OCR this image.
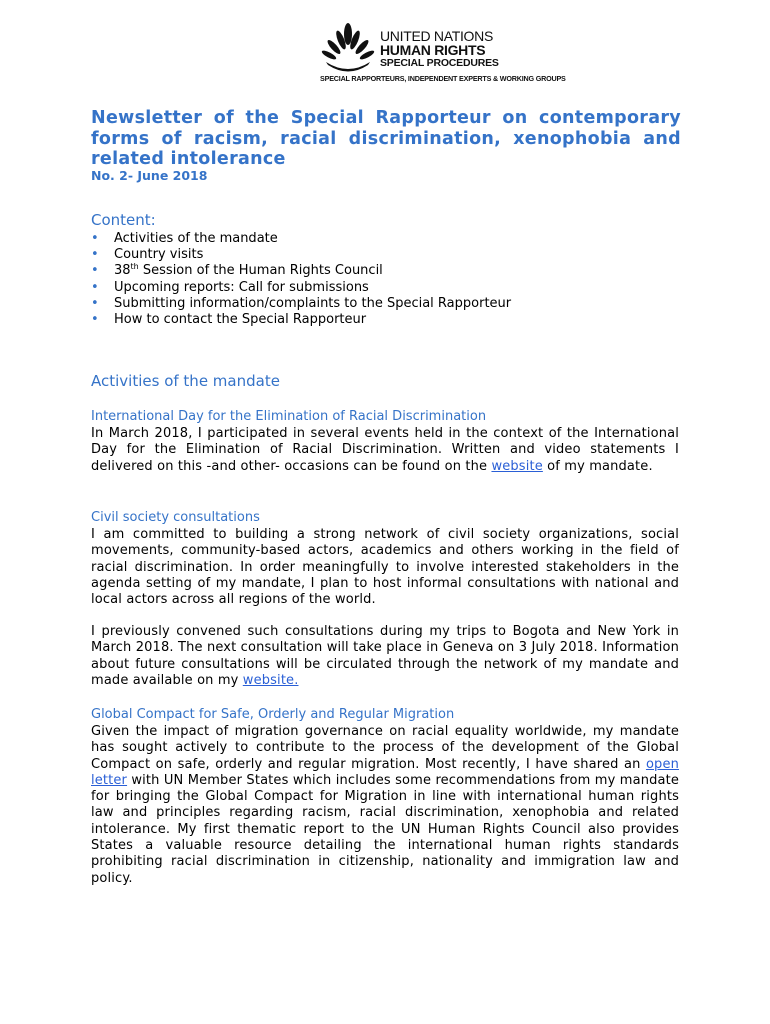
UNITED NATIONS
HUMAN RIGHTS
SPECIAL PROCEDURES
SPECIAL RAPPORTEURS, INDEPENDENT EXPERTS & WORKING GROUPS
Newsletter of the Special Rapporteur on contemporary forms of racism, racial discrimination, xenophobia and related intolerance
No. 2- June 2018
Content:
• Activities of the mandate
• Country visits
• 38th Session of the Human Rights Council
• Upcoming reports: Call for submissions
• Submitting information/complaints to the Special Rapporteur
• How to contact the Special Rapporteur
Activities of the mandate
International Day for the Elimination of Racial Discrimination

In March 2018, I participated in several events held in the context of the International Day for the Elimination of Racial Discrimination. Written and video statements I delivered on this -and other- occasions can be found on the website of my mandate.

Civil society consultations

I am committed to building a strong network of civil society organizations, social movements, community-based actors, academics and others working in the field of racial discrimination. In order meaningfully to involve interested stakeholders in the agenda setting of my mandate, I plan to host informal consultations with national and local actors across all regions of the world.

I previously convened such consultations during my trips to Bogota and New York in March 2018. The next consultation will take place in Geneva on 3 July 2018. Information about future consultations will be circulated through the network of my mandate and made available on my website.

Global Compact for Safe, Orderly and Regular Migration

Given the impact of migration governance on racial equality worldwide, my mandate has sought actively to contribute to the process of the development of the Global Compact on safe, orderly and regular migration. Most recently, I have shared an open letter with UN Member States which includes some recommendations from my mandate for bringing the Global Compact for Migration in line with international human rights law and principles regarding racism, racial discrimination, xenophobia and related intolerance. My first thematic report to the UN Human Rights Council also provides States a valuable resource detailing the international human rights standards prohibiting racial discrimination in citizenship, nationality and immigration law and policy.
